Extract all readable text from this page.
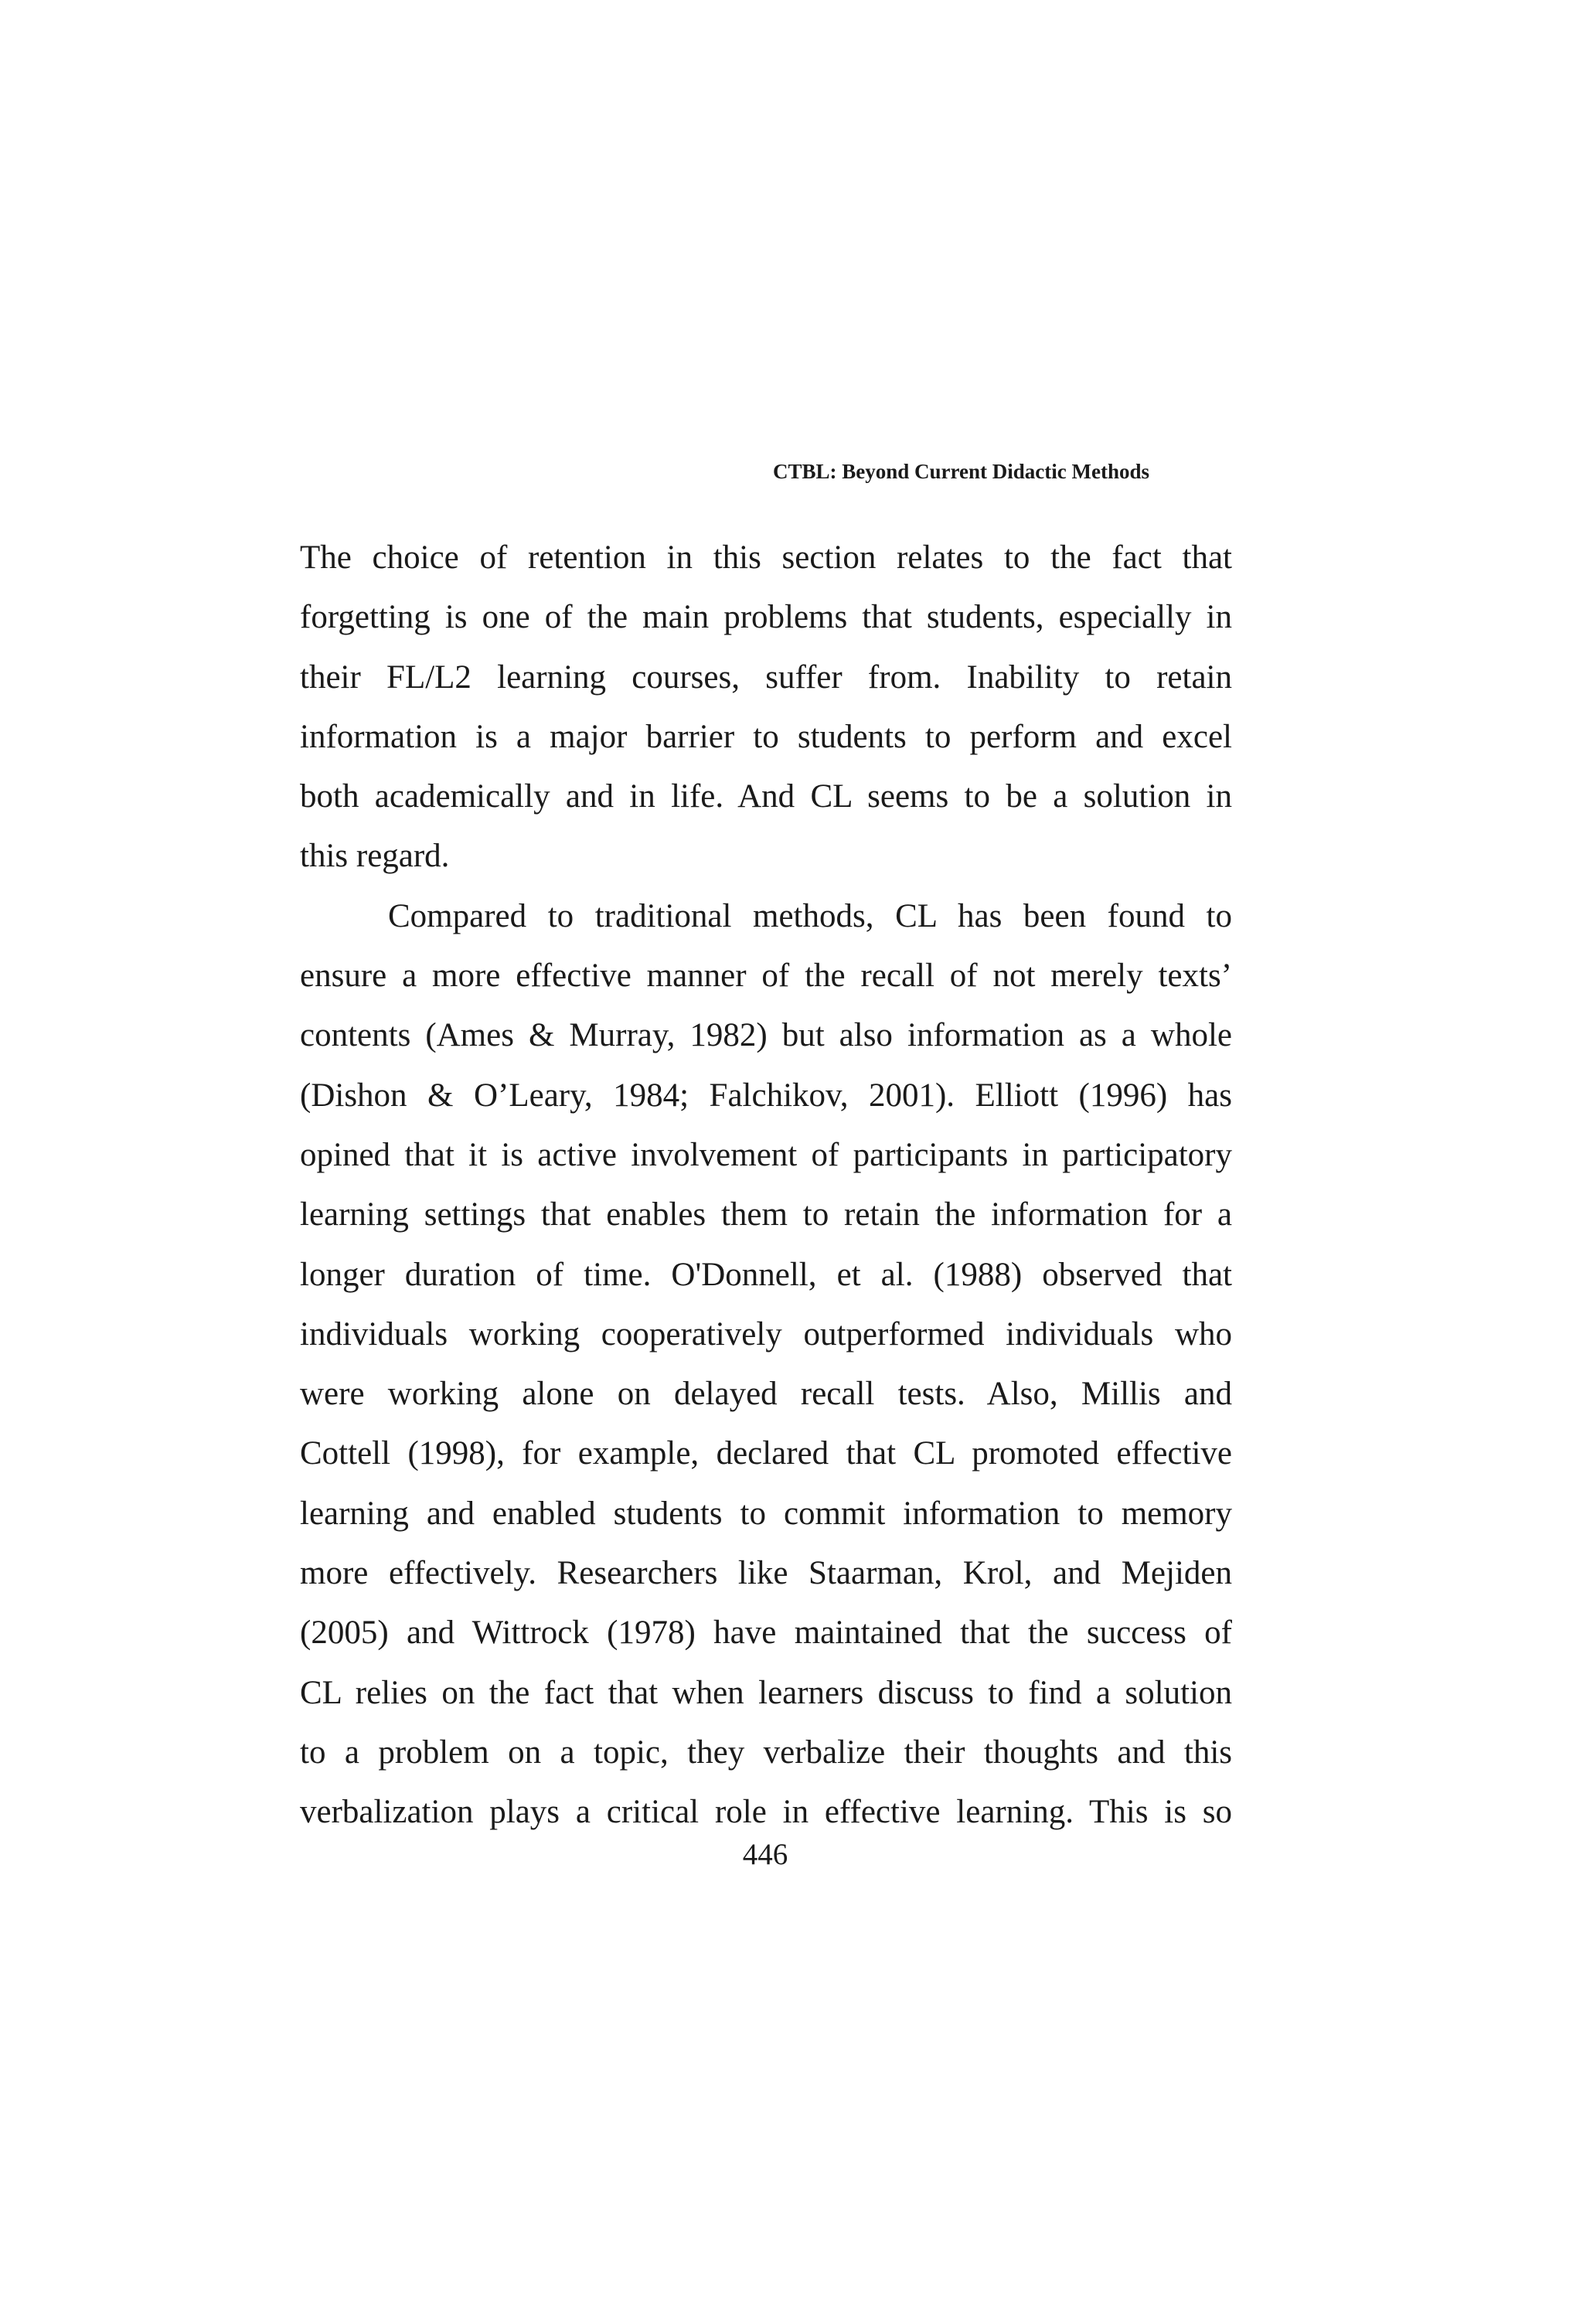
CTBL: Beyond Current Didactic Methods
The choice of retention in this section relates to the fact that
forgetting is one of the main problems that students, especially in
their FL/L2 learning courses, suffer from. Inability to retain
information is a major barrier to students to perform and excel
both academically and in life. And CL seems to be a solution in
this regard.
Compared to traditional methods, CL has been found to
ensure a more effective manner of the recall of not merely texts’
contents (Ames & Murray, 1982) but also information as a whole
(Dishon & O’Leary, 1984; Falchikov, 2001). Elliott (1996) has
opined that it is active involvement of participants in participatory
learning settings that enables them to retain the information for a
longer duration of time. O'Donnell, et al. (1988) observed that
individuals working cooperatively outperformed individuals who
were working alone on delayed recall tests. Also, Millis and
Cottell (1998), for example, declared that CL promoted effective
learning and enabled students to commit information to memory
more effectively. Researchers like Staarman, Krol, and Mejiden
(2005) and Wittrock (1978) have maintained that the success of
CL relies on the fact that when learners discuss to find a solution
to a problem on a topic, they verbalize their thoughts and this
verbalization plays a critical role in effective learning. This is so
446
